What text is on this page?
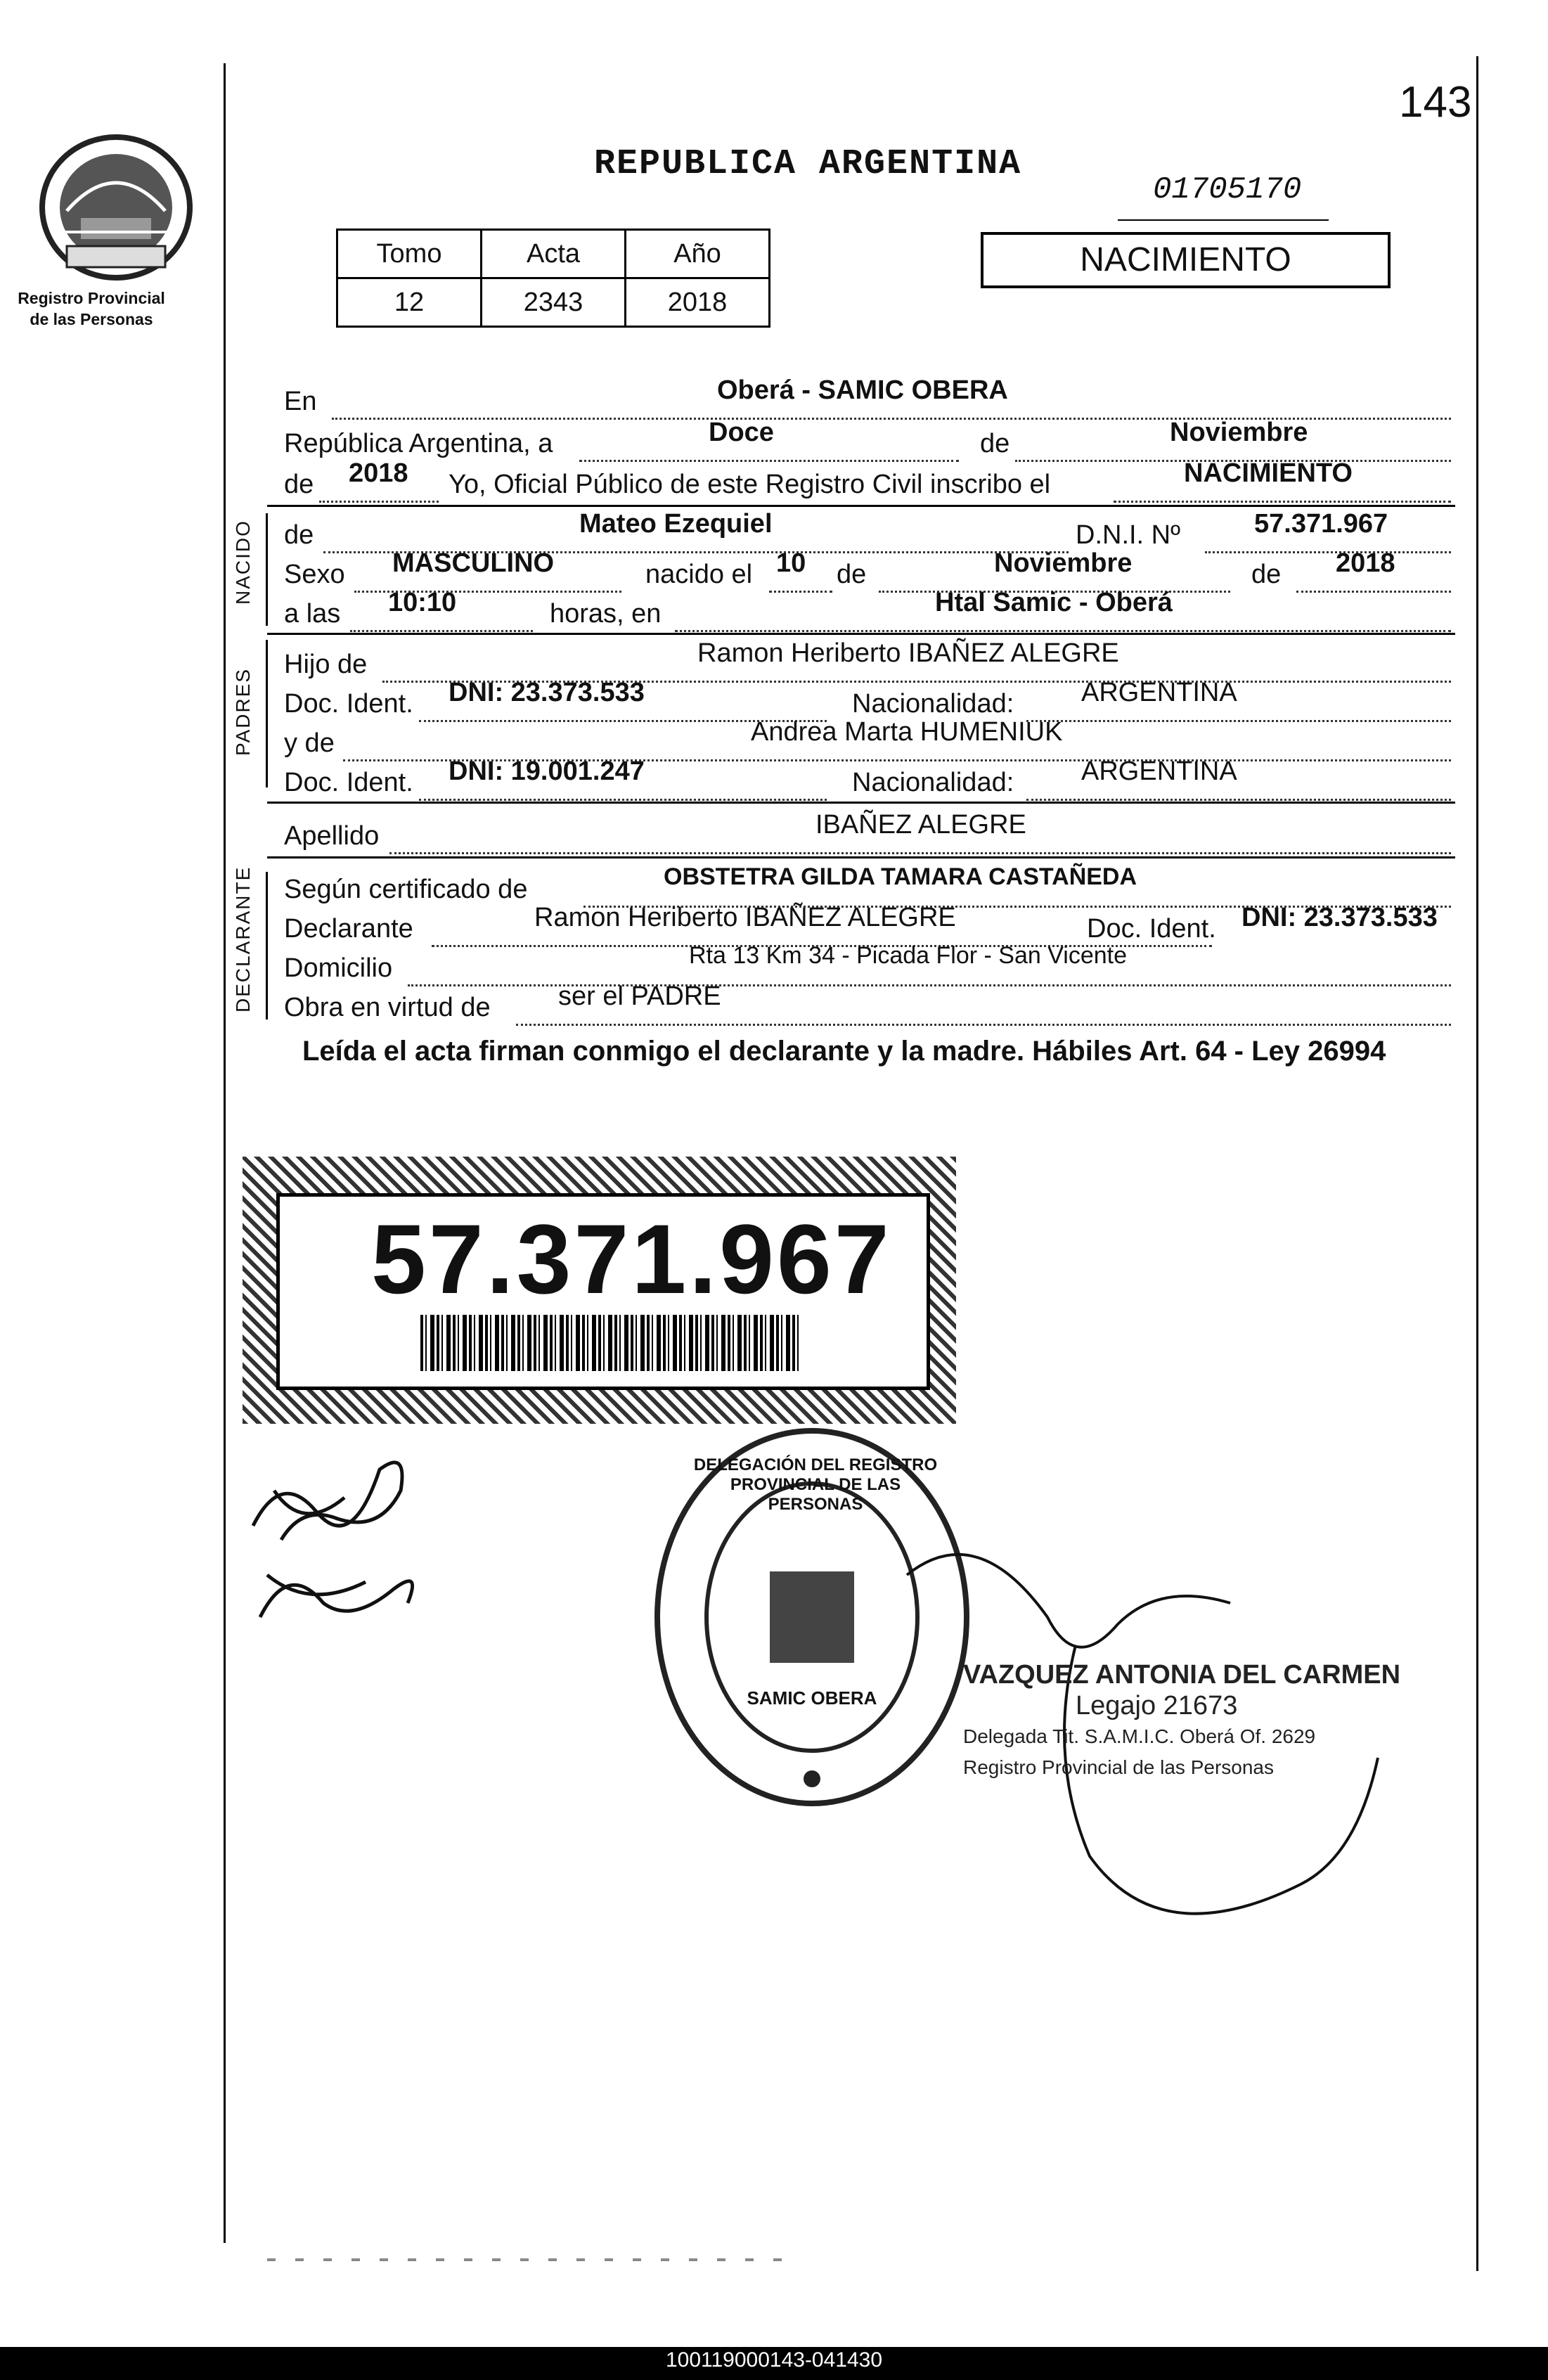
143
Registro Provincial
de las Personas
REPUBLICA ARGENTINA
01705170
Tomo	Acta	Año
12	2343	2018
NACIMIENTO
En	Oberá - SAMIC OBERA
República Argentina, a	Doce	de	Noviembre
de 2018 Yo, Oficial Público de este Registro Civil inscribo el	NACIMIENTO
NACIDO de	Mateo Ezequiel	D.N.I. Nº	57.371.967
Sexo MASCULINO	nacido el 10 de	Noviembre	de 2018
a las 10:10	horas, en	Htal Samic - Oberá
PADRES
Hijo de	Ramon Heriberto IBAÑEZ ALEGRE
Doc. Ident. DNI: 23.373.533	Nacionalidad:	ARGENTINA
y de	Andrea Marta HUMENIUK
Doc. Ident. DNI: 19.001.247	Nacionalidad:	ARGENTINA
Apellido	IBAÑEZ ALEGRE
DECLARANTE Según certificado de	OBSTETRA GILDA TAMARA CASTAÑEDA
Declarante	Ramon Heriberto IBAÑEZ ALEGRE	Doc. Ident. DNI: 23.373.533
Domicilio	Rta 13 Km 34 - Picada Flor - San Vicente
Obra en virtud de	ser el PADRE
Leída el acta firman conmigo el declarante y la madre. Hábiles Art. 64 - Ley 26994
57.371.967
DELEGACIÓN DEL REGISTRO PROVINCIAL DE LAS PERSONAS
SAMIC OBERA
VAZQUEZ ANTONIA DEL CARMEN
Legajo 21673
Delegada Tit. S.A.M.I.C. Oberá Of. 2629
Registro Provincial de las Personas
100119000143-041430
